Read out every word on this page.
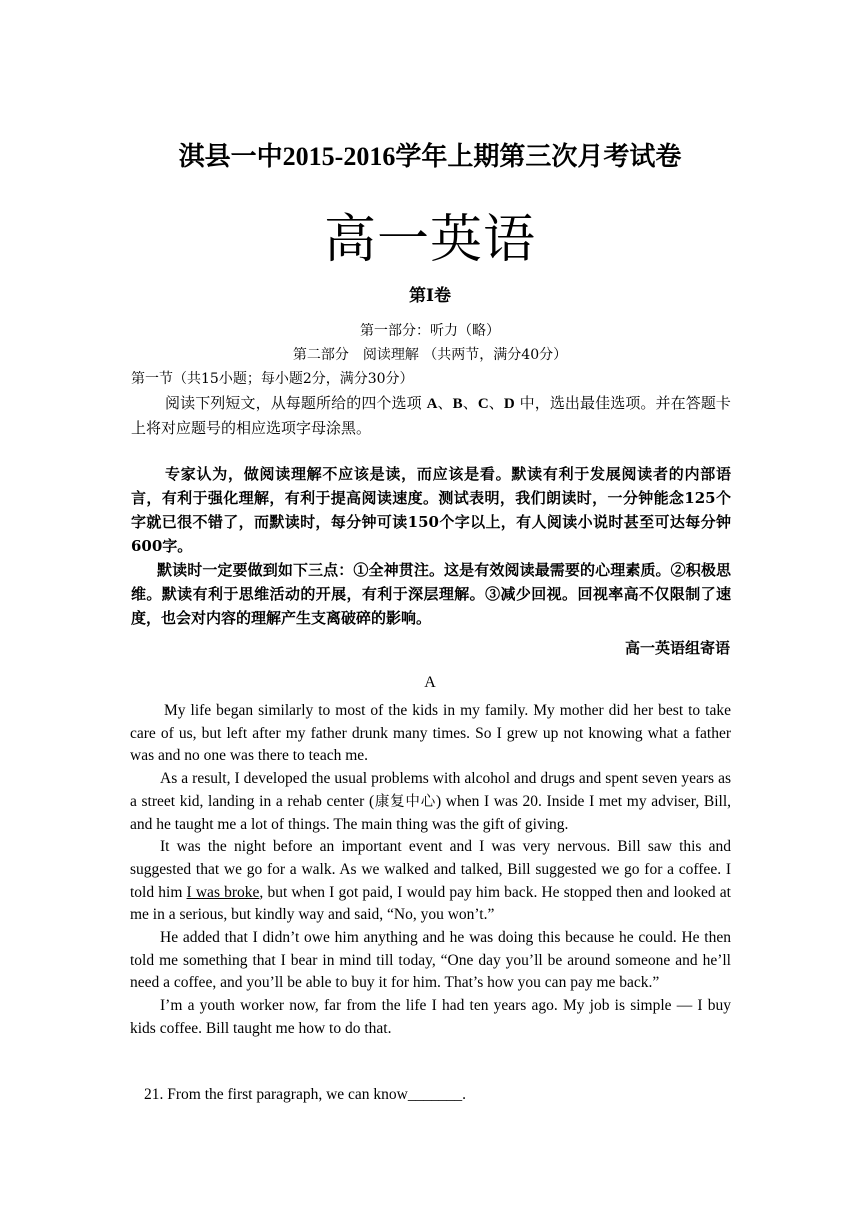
淇县一中2015-2016学年上期第三次月考试卷
高一英语
第Ⅰ卷
第一部分：听力（略）
第二部分　阅读理解 （共两节，满分40分）
第一节（共15小题；每小题2分，满分30分）

阅读下列短文，从每题所给的四个选项 A、B、C、D 中，选出最佳选项。并在答题卡上将对应题号的相应选项字母涂黑。

专家认为，做阅读理解不应该是读，而应该是看。默读有利于发展阅读者的内部语言，有利于强化理解，有利于提高阅读速度。测试表明，我们朗读时，一分钟能念125个字就已很不错了，而默读时，每分钟可读150个字以上，有人阅读小说时甚至可达每分钟600字。

默读时一定要做到如下三点：①全神贯注。这是有效阅读最需要的心理素质。②积极思维。默读有利于思维活动的开展，有利于深层理解。③减少回视。回视率高不仅限制了速度，也会对内容的理解产生支离破碎的影响。

高一英语组寄语
A

My life began similarly to most of the kids in my family. My mother did her best to take care of us, but left after my father drunk many times. So I grew up not knowing what a father was and no one was there to teach me.

As a result, I developed the usual problems with alcohol and drugs and spent seven years as a street kid, landing in a rehab center (康复中心) when I was 20. Inside I met my adviser, Bill, and he taught me a lot of things. The main thing was the gift of giving.

It was the night before an important event and I was very nervous. Bill saw this and suggested that we go for a walk. As we walked and talked, Bill suggested we go for a coffee. I told him I was broke, but when I got paid, I would pay him back. He stopped then and looked at me in a serious, but kindly way and said, “No, you won’t.”

He added that I didn’t owe him anything and he was doing this because he could. He then told me something that I bear in mind till today, “One day you’ll be around someone and he’ll need a coffee, and you’ll be able to buy it for him. That’s how you can pay me back.”

I’m a youth worker now, far from the life I had ten years ago. My job is simple — I buy kids coffee. Bill taught me how to do that.

21. From the first paragraph, we can know_______.
